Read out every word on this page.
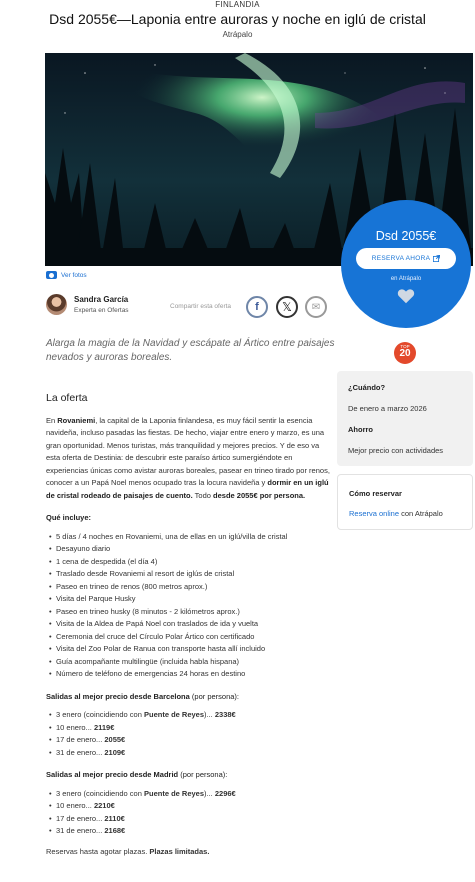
FINLANDIA
Dsd 2055€—Laponia entre auroras y noche en iglú de cristal
Atrápalo
Ver fotos
Dsd 2055€
RESERVA AHORA
en Atrápalo
Sandra García
Experta en Ofertas
Compartir esta oferta f 𝕏 ✉

Alarga la magia de la Navidad y escápate al Ártico entre paisajes nevados y auroras boreales.

TOP
20
¿Cuándo?
De enero a marzo 2026
Ahorro
Mejor precio con actividades
Cómo reservar
Reserva online con Atrápalo
La oferta

En Rovaniemi, la capital de la Laponia finlandesa, es muy fácil sentir la esencia navideña, incluso pasadas las fiestas. De hecho, viajar entre enero y marzo, es una gran oportunidad. Menos turistas, más tranquilidad y mejores precios. Y de eso va esta oferta de Destinia: de descubrir este paraíso ártico sumergiéndote en experiencias únicas como avistar auroras boreales, pasear en trineo tirado por renos, conocer a un Papá Noel menos ocupado tras la locura navideña y dormir en un iglú de cristal rodeado de paisajes de cuento. Todo desde 2055€ por persona.

Qué incluye:
• 5 días / 4 noches en Rovaniemi, una de ellas en un iglú/villa de cristal
• Desayuno diario
• 1 cena de despedida (el día 4)
• Traslado desde Rovaniemi al resort de iglús de cristal
• Paseo en trineo de renos (800 metros aprox.)
• Visita del Parque Husky
• Paseo en trineo husky (8 minutos - 2 kilómetros aprox.)
• Visita de la Aldea de Papá Noel con traslados de ida y vuelta
• Ceremonia del cruce del Círculo Polar Ártico con certificado
• Visita del Zoo Polar de Ranua con transporte hasta allí incluido
• Guía acompañante multilingüe (incluida habla hispana)
• Número de teléfono de emergencias 24 horas en destino
Salidas al mejor precio desde Barcelona (por persona):
• 3 enero (coincidiendo con Puente de Reyes)... 2338€
• 10 enero... 2119€
• 17 de enero... 2055€
• 31 de enero... 2109€
Salidas al mejor precio desde Madrid (por persona):
• 3 enero (coincidiendo con Puente de Reyes)... 2296€
• 10 enero... 2210€
• 17 de enero... 2110€
• 31 de enero... 2168€

Reservas hasta agotar plazas. Plazas limitadas.
